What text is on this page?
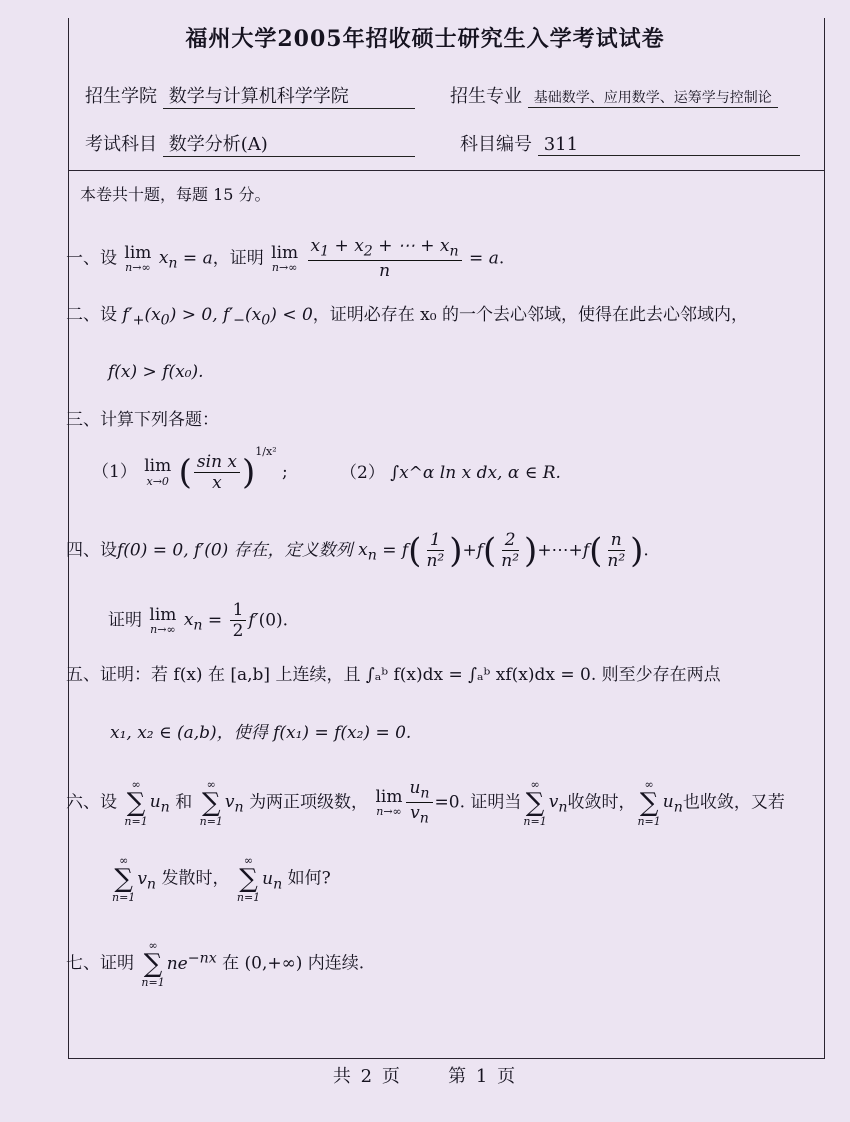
福州大学2005年招收硕士研究生入学考试试卷
招生学院 数学与计算机科学学院	招生专业 基础数学、应用数学、运筹学与控制论
考试科目 数学分析(A)	科目编号 311
本卷共十题，每题 15 分。
一、设 lim
n→∞ $x_n = a$，证明 lim
n→∞
$\frac{x_1 + x_2 + \cdots + x_n}{n} = a$.
二、设 $f'_+(x_0) > 0$, $f'_-(x_0) < 0$，证明必存在 x₀ 的一个去心邻域，使得在此去心邻域内，
f(x) > f(x₀).
三、计算下列各题：
（1） lim
x→0 ( $\frac{\text{sin x}}{x} )^{1/x^2}$ ;	（2） ∫x^α ln x dx, α ∈ R.
四、设f(0) = 0, f′(0) 存在，定义数列 $x_n = f( \frac{1}{\text{n²}} )+f( \frac{2}{\text{n²}}$ )+⋯+f( $\frac{n}{\text{n²}}$ ).
证明 lim
n→∞ $x_n = \frac{1}{2} f'(0)$.
五、证明：若 f(x) 在 [a,b] 上连续，且 ∫ₐᵇ f(x)dx = ∫ₐᵇ xf(x)dx = 0. 则至少存在两点
x₁, x₂ ∈ (a,b)，使得 f(x₁) = f(x₂) = 0.
六、设
∞
∑
n=1
$u_n$ 和
∞
∑
n=1
$v_n$ 为两正项级数， lim
$n\to\infty \frac{u_n}{v_n} =0$. 证明当
∞
∑
n=1
$v_n$收敛时，
∞
∑
n=1
$u_n$也收敛，又若
∞
∑
n=1
$v_n$ 发散时，
∞
∑
n=1
$u_n$ 如何?
七、证明
∞
∑
n=1
$ne^{-nx}$ 在 (0,+∞) 内连续.
共 2 页	第 1 页
